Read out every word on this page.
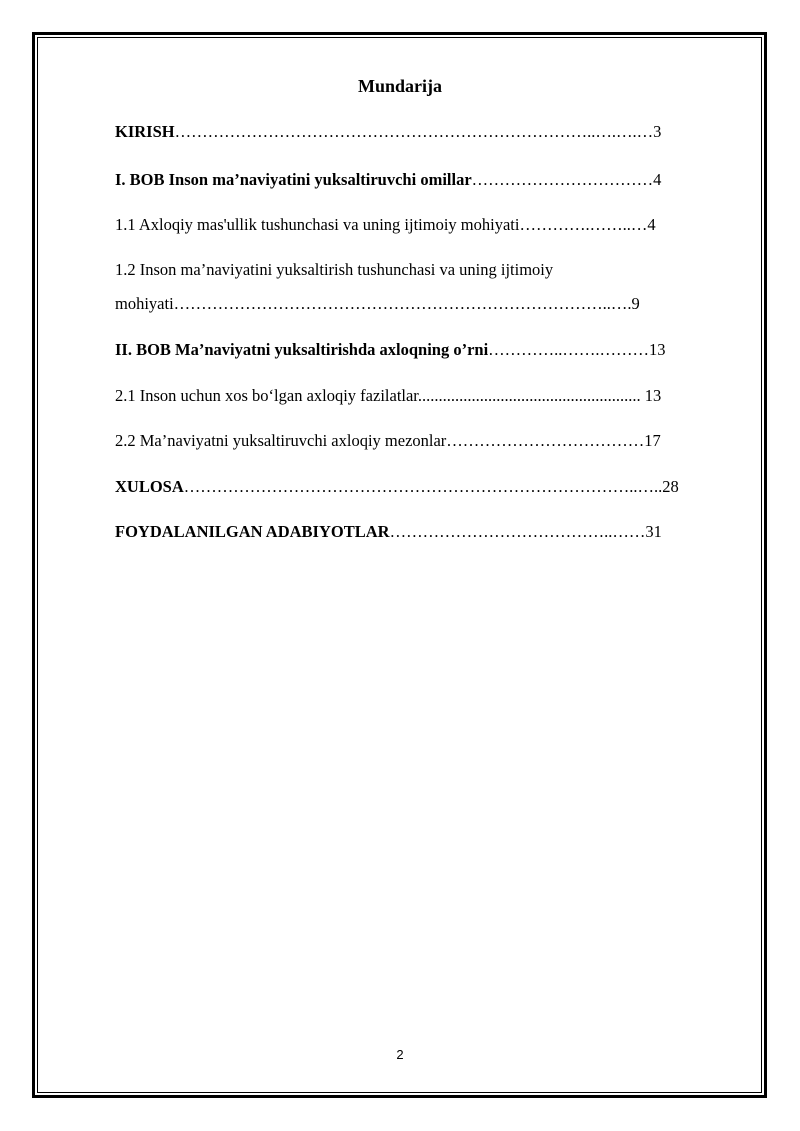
Mundarija
KIRISH…………………………………………………………………..….….…3
I. BOB Inson ma’naviyatini yuksaltiruvchi omillar……………………………4
1.1 Axloqiy mas'ullik tushunchasi va uning ijtimoiy mohiyati………….……..…4
1.2 Inson ma’naviyatini yuksaltirish tushunchasi va uning ijtimoiy
mohiyati……………………………………………………………………..….9
II. BOB Ma’naviyatni yuksaltirishda axloqning o’rni…………..…….………13
2.1 Inson uchun xos bo‘lgan axloqiy fazilatlar...................................................... 13
2.2 Ma’naviyatni yuksaltiruvchi axloqiy mezonlar………………………………17
XULOSA………………………………………………………………………..…..28
FOYDALANILGAN ADABIYOTLAR…………………………………..……31
2
